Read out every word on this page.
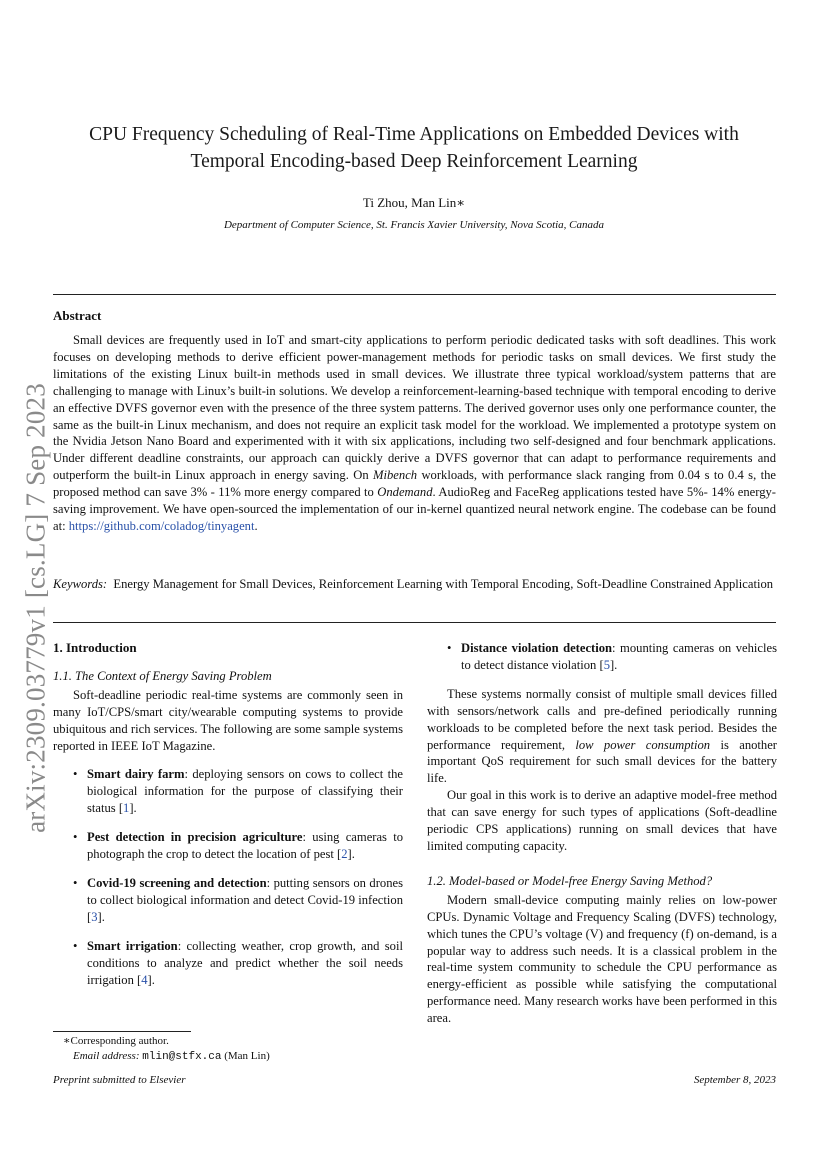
arXiv:2309.03779v1 [cs.LG] 7 Sep 2023
CPU Frequency Scheduling of Real-Time Applications on Embedded Devices with
Temporal Encoding-based Deep Reinforcement Learning
Ti Zhou, Man Lin∗
Department of Computer Science, St. Francis Xavier University, Nova Scotia, Canada
Abstract
Small devices are frequently used in IoT and smart-city applications to perform periodic dedicated tasks with soft deadlines. This work focuses on developing methods to derive efficient power-management methods for periodic tasks on small devices. We first study the limitations of the existing Linux built-in methods used in small devices. We illustrate three typical workload/system patterns that are challenging to manage with Linux’s built-in solutions. We develop a reinforcement-learning-based technique with temporal encoding to derive an effective DVFS governor even with the presence of the three system patterns. The derived governor uses only one performance counter, the same as the built-in Linux mechanism, and does not require an explicit task model for the workload. We implemented a prototype system on the Nvidia Jetson Nano Board and experimented with it with six applications, including two self-designed and four benchmark applications. Under different deadline constraints, our approach can quickly derive a DVFS governor that can adapt to performance requirements and outperform the built-in Linux approach in energy saving. On Mibench workloads, with performance slack ranging from 0.04 s to 0.4 s, the proposed method can save 3% - 11% more energy compared to Ondemand. AudioReg and FaceReg applications tested have 5%- 14% energy-saving improvement. We have open-sourced the implementation of our in-kernel quantized neural network engine. The codebase can be found at: https://github.com/coladog/tinyagent.
Keywords: Energy Management for Small Devices, Reinforcement Learning with Temporal Encoding, Soft-Deadline Constrained Application
1. Introduction
1.1. The Context of Energy Saving Problem

Soft-deadline periodic real-time systems are commonly seen in many IoT/CPS/smart city/wearable computing systems to provide ubiquitous and rich services. The following are some sample systems reported in IEEE IoT Magazine.

• Smart dairy farm: deploying sensors on cows to collect the biological information for the purpose of classifying their status [1].
• Pest detection in precision agriculture: using cameras to photograph the crop to detect the location of pest [2].
• Covid-19 screening and detection: putting sensors on drones to collect biological information and detect Covid-19 infection [3].
• Smart irrigation: collecting weather, crop growth, and soil conditions to analyze and predict whether the soil needs irrigation [4].
• Distance violation detection: mounting cameras on vehicles to detect distance violation [5].

These systems normally consist of multiple small devices filled with sensors/network calls and pre-defined periodically running workloads to be completed before the next task period. Besides the performance requirement, low power consumption is another important QoS requirement for such small devices for the battery life.

Our goal in this work is to derive an adaptive model-free method that can save energy for such types of applications (Soft-deadline periodic CPS applications) running on small devices that have limited computing capacity.

1.2. Model-based or Model-free Energy Saving Method?

Modern small-device computing mainly relies on low-power CPUs. Dynamic Voltage and Frequency Scaling (DVFS) technology, which tunes the CPU’s voltage (V) and frequency (f) on-demand, is a popular way to address such needs. It is a classical problem in the real-time system community to schedule the CPU performance as energy-efficient as possible while satisfying the computational performance need. Many research works have been performed in this area.

∗Corresponding author.
Email address: mlin@stfx.ca (Man Lin)
Preprint submitted to Elsevier	September 8, 2023
